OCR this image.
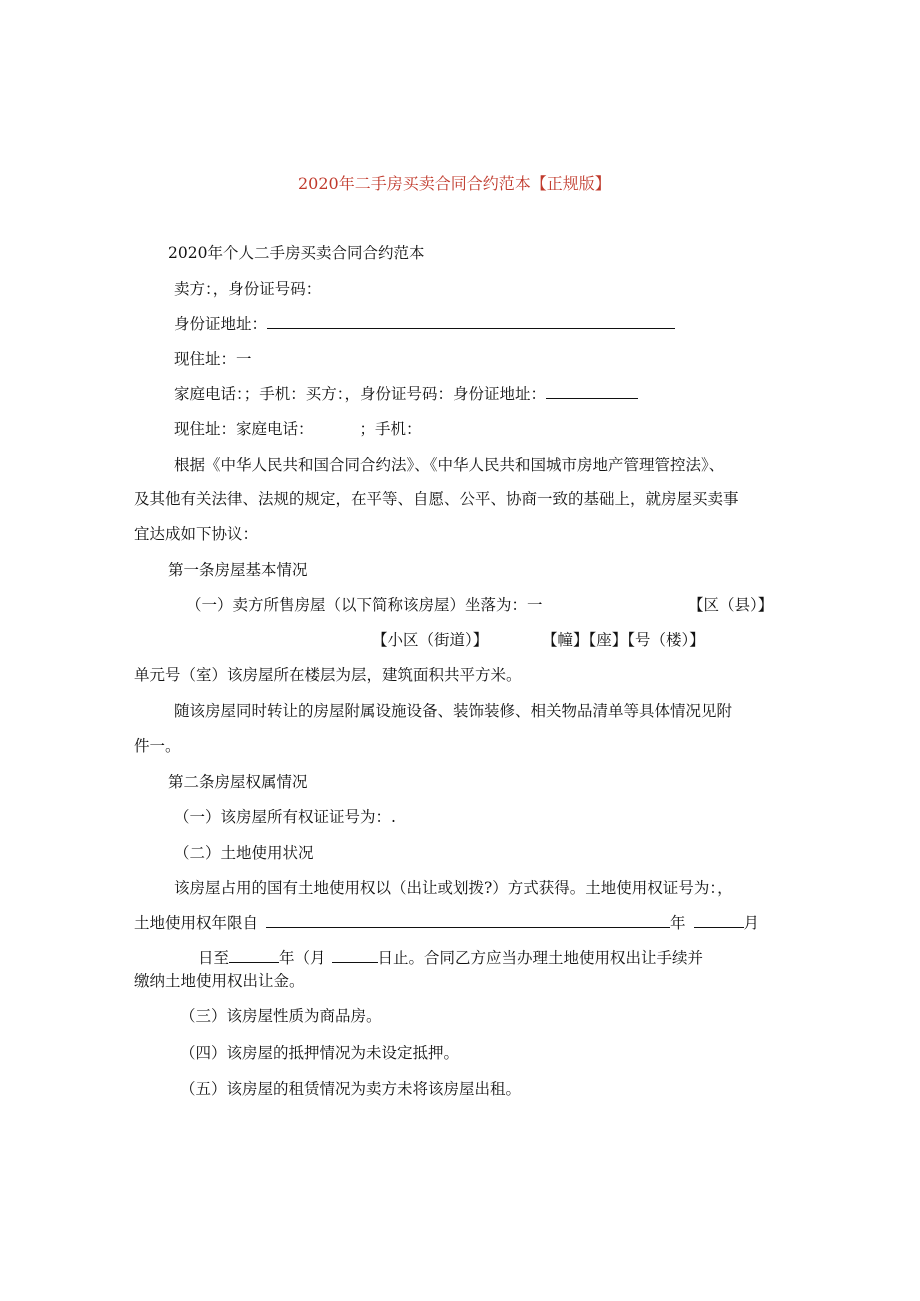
2020年二手房买卖合同合约范本【正规版】
2020年个人二手房买卖合同合约范本
卖方：，身份证号码：
身份证地址：
现住址：一
家庭电话：；手机：买方：，身份证号码：身份证地址：
现住址：家庭电话：	；手机：
根据《中华人民共和国合同合约法》、《中华人民共和国城市房地产管理管控法》、
及其他有关法律、法规的规定，在平等、自愿、公平、协商一致的基础上，就房屋买卖事
宜达成如下协议：
第一条房屋基本情况
（一）卖方所售房屋（以下简称该房屋）坐落为：一	【区（县）】
【小区（街道）】	【幢】【座】【号（楼）】
单元号（室）该房屋所在楼层为层，建筑面积共平方米。
随该房屋同时转让的房屋附属设施设备、装饰装修、相关物品清单等具体情况见附
件一。
第二条房屋权属情况
（一）该房屋所有权证证号为：.
（二）土地使用状况
该房屋占用的国有土地使用权以（出让或划拨?）方式获得。土地使用权证号为：，
土地使用权年限自	年	月
日至	年（月	日止。合同乙方应当办理土地使用权出让手续并
缴纳土地使用权出让金。
（三）该房屋性质为商品房。
（四）该房屋的抵押情况为未设定抵押。
（五）该房屋的租赁情况为卖方未将该房屋出租。
